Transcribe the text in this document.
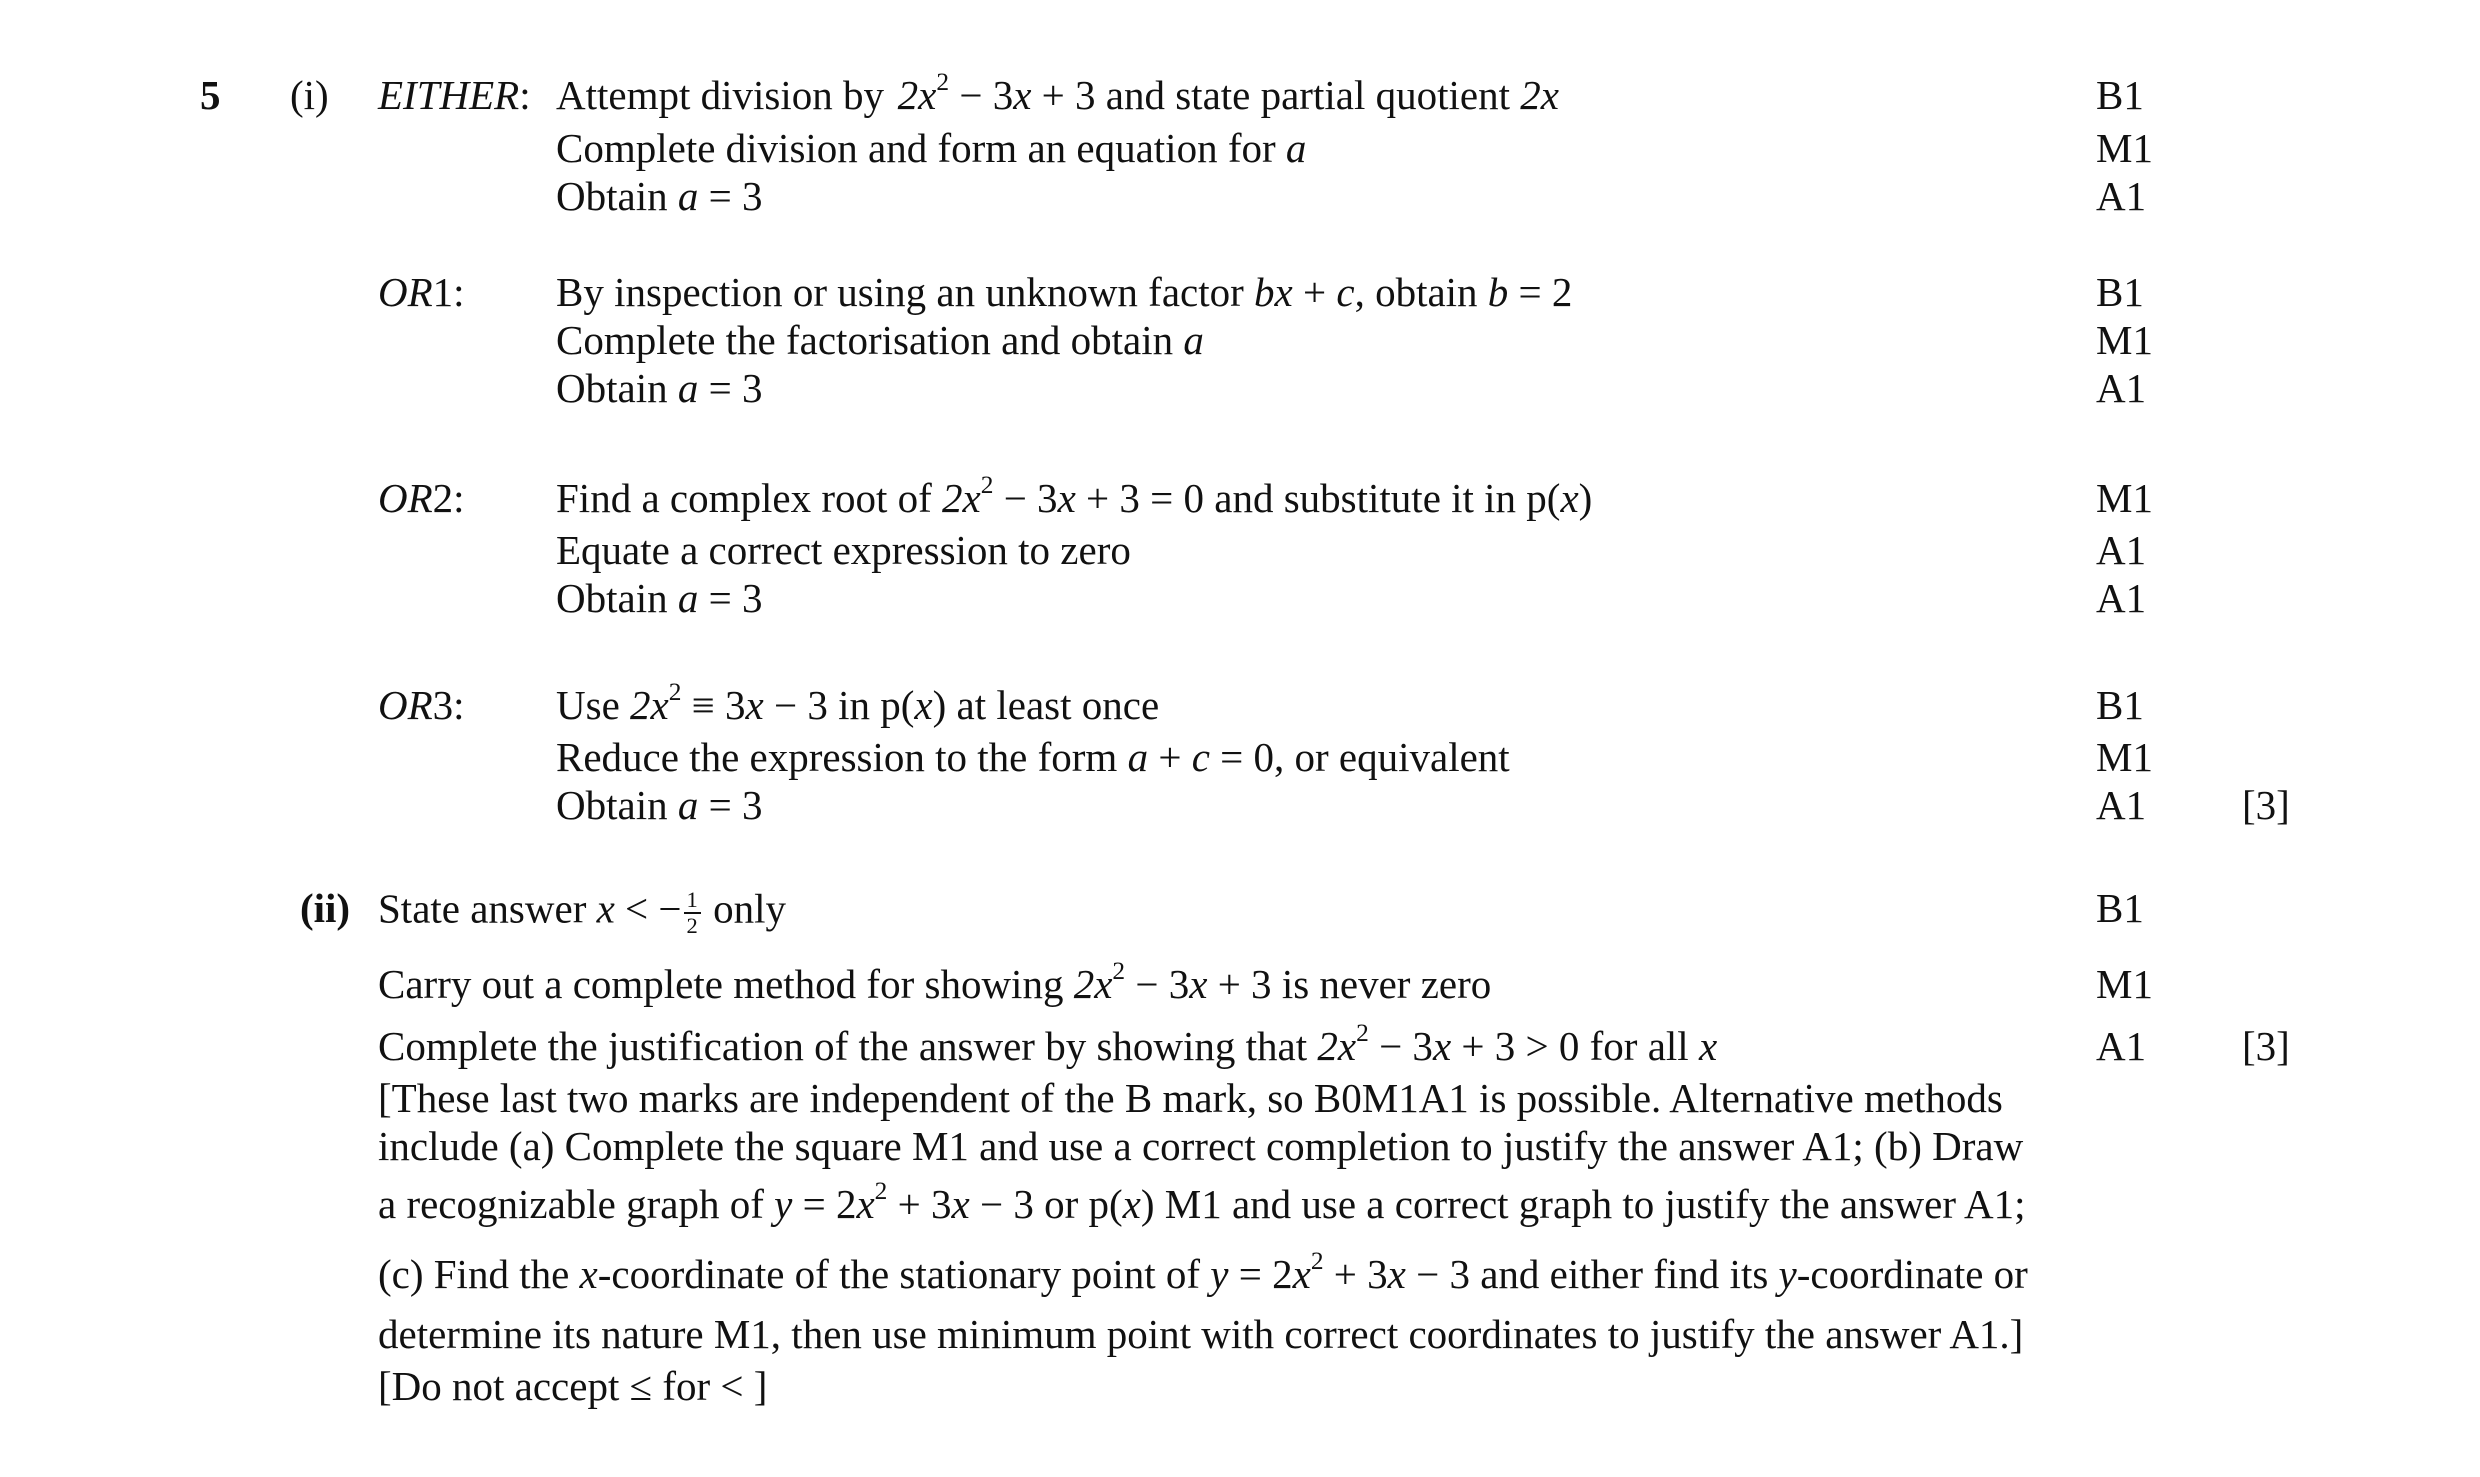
5 (i) EITHER: Attempt division by  $2x^2 - 3x + 3$ and state partial quotient 2x	B1
Complete division and form an equation for a	M1
Obtain a = 3	A1
OR1: By inspection or using an unknown factor bx + c, obtain b = 2	B1
Complete the factorisation and obtain a	M1
Obtain a = 3	A1
OR2: Find a complex root of $2x^2 - 3x + 3 = 0$ and substitute it in p(x)	M1
Equate a correct expression to zero	A1
Obtain a = 3	A1
OR3: Use $2x^2 \equiv 3x - 3$ in p(x) at least once	B1
Reduce the expression to the form a + c = 0, or equivalent	M1
Obtain a = 3	A1 [3]
(ii) State answer x < − $\frac{1}{2}$ only	B1
Carry out a complete method for showing $2x^2 - 3x + 3$ is never zero	M1
Complete the justification of the answer by showing that $2x^2 - 3x + 3 > 0$ for all x	A1 [3]
[These last two marks are independent of the B mark, so B0M1A1 is possible. Alternative methods
include (a) Complete the square M1 and use a correct completion to justify the answer A1; (b) Draw
a recognizable graph of $y = 2x^2 + 3x - 3$ or p(x) M1 and use a correct graph to justify the answer A1;
(c) Find the x-coordinate of the stationary point of $y = 2x^2 + 3x - 3$ and either find its y-coordinate or
determine its nature M1, then use minimum point with correct coordinates to justify the answer A1.]
[Do not accept ≤ for < ]
